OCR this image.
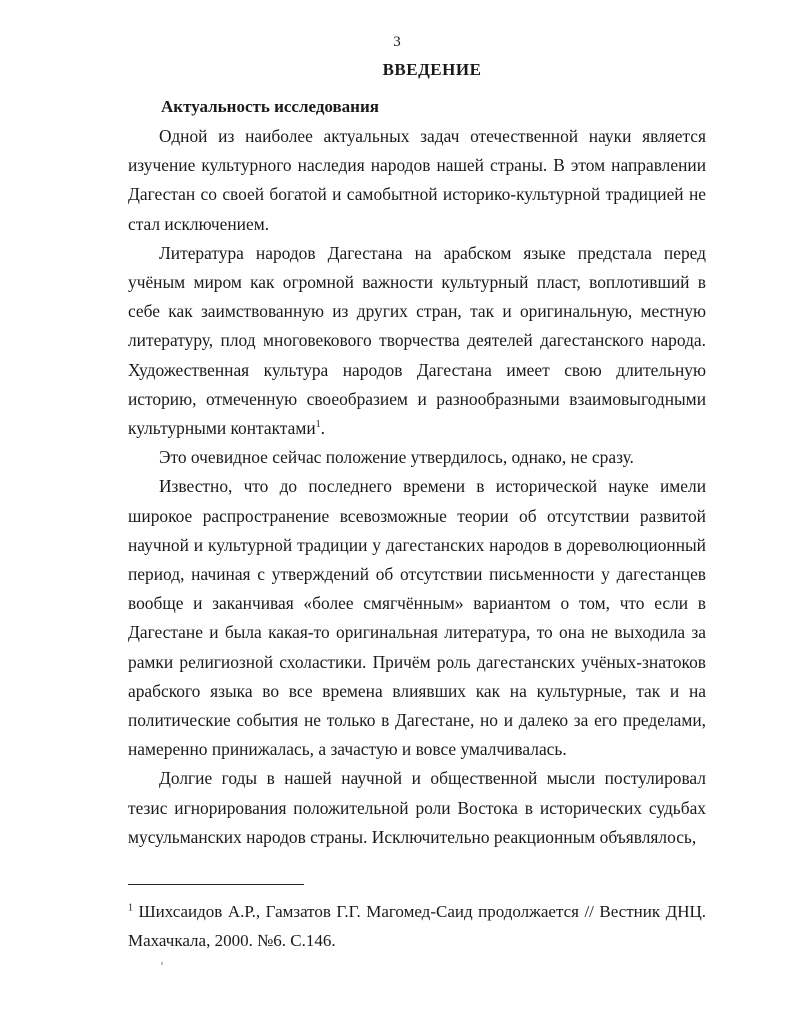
3
ВВЕДЕНИЕ
Актуальность исследования

Одной из наиболее актуальных задач отечественной науки является изучение культурного наследия народов нашей страны. В этом направлении Дагестан со своей богатой и самобытной историко-культурной традицией не стал исключением.

Литература народов Дагестана на арабском языке предстала перед учёным миром как огромной важности культурный пласт, воплотивший в себе как заимствованную из других стран, так и оригинальную, местную литературу, плод многовекового творчества деятелей дагестанского народа. Художественная культура народов Дагестана имеет свою длительную историю, отмеченную своеобразием и разнообразными взаимовыгодными культурными контактами$^1$.

Это очевидное сейчас положение утвердилось, однако, не сразу.

Известно, что до последнего времени в исторической науке имели широкое распространение всевозможные теории об отсутствии развитой научной и культурной традиции у дагестанских народов в дореволюционный период, начиная с утверждений об отсутствии письменности у дагестанцев вообще и заканчивая «более смягчённым» вариантом о том, что если в Дагестане и была какая-то оригинальная литература, то она не выходила за рамки религиозной схоластики. Причём роль дагестанских учёных-знатоков арабского языка во все времена влиявших как на культурные, так и на политические события не только в Дагестане, но и далеко за его пределами, намеренно принижалась, а зачастую и вовсе умалчивалась.

Долгие годы в нашей научной и общественной мысли постулировал тезис игнорирования положительной роли Востока в исторических судьбах мусульманских народов страны. Исключительно реакционным объявлялось,

$^1$ Шихсаидов А.Р., Гамзатов Г.Г. Магомед-Саид продолжается // Вестник ДНЦ. Махачкала, 2000. №6. С.146.
